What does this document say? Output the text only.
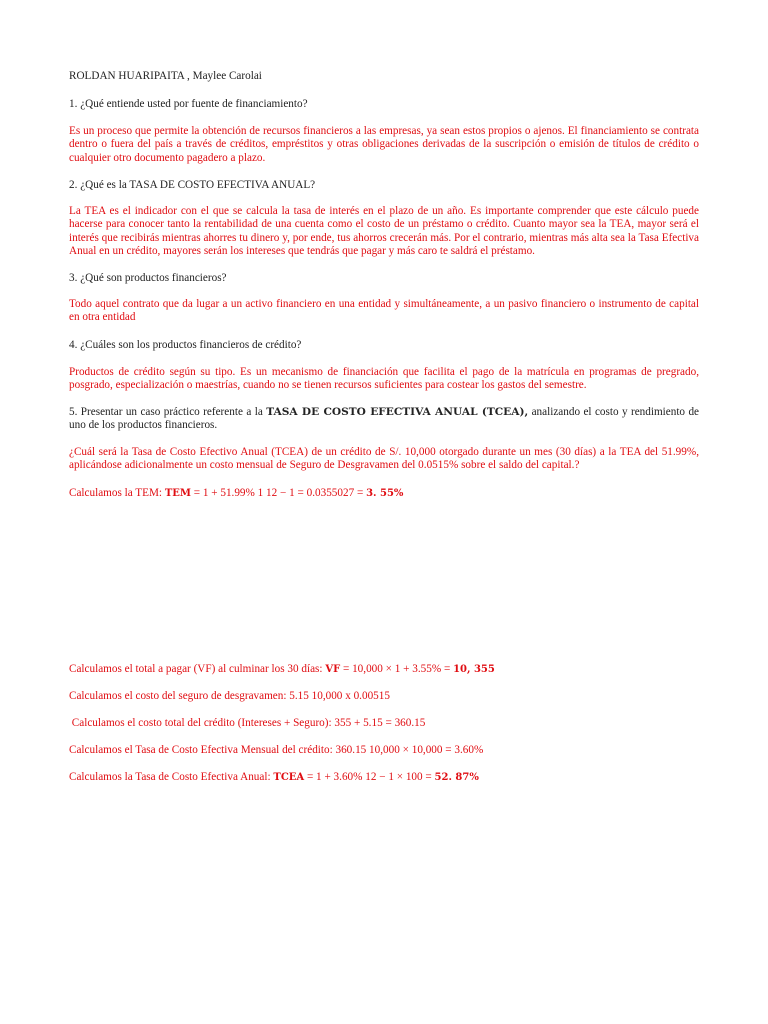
ROLDAN HUARIPAITA , Maylee Carolai
1. ¿Qué entiende usted por fuente de financiamiento?
Es un proceso que permite la obtención de recursos financieros a las empresas, ya sean estos propios o ajenos. El financiamiento se contrata dentro o fuera del país a través de créditos, empréstitos y otras obligaciones derivadas de la suscripción o emisión de títulos de crédito o cualquier otro documento pagadero a plazo.
2. ¿Qué es la TASA DE COSTO EFECTIVA ANUAL?
La TEA es el indicador con el que se calcula la tasa de interés en el plazo de un año. Es importante comprender que este cálculo puede hacerse para conocer tanto la rentabilidad de una cuenta como el costo de un préstamo o crédito. Cuanto mayor sea la TEA, mayor será el interés que recibirás mientras ahorres tu dinero y, por ende, tus ahorros crecerán más. Por el contrario, mientras más alta sea la Tasa Efectiva Anual en un crédito, mayores serán los intereses que tendrás que pagar y más caro te saldrá el préstamo.
3. ¿Qué son productos financieros?
Todo aquel contrato que da lugar a un activo financiero en una entidad y simultáneamente, a un pasivo financiero o instrumento de capital en otra entidad
4. ¿Cuáles son los productos financieros de crédito?
Productos de crédito según su tipo. Es un mecanismo de financiación que facilita el pago de la matrícula en programas de pregrado, posgrado, especialización o maestrías, cuando no se tienen recursos suficientes para costear los gastos del semestre.
5. Presentar un caso práctico referente a la TASA DE COSTO EFECTIVA ANUAL (TCEA), analizando el costo y rendimiento de uno de los productos financieros.
¿Cuál será la Tasa de Costo Efectivo Anual (TCEA) de un crédito de S/. 10,000 otorgado durante un mes (30 días) a la TEA del 51.99%, aplicándose adicionalmente un costo mensual de Seguro de Desgravamen del 0.0515% sobre el saldo del capital.?
Calculamos la TEM: TEM = 1 + 51.99% 1 12 − 1 = 0.0355027 = 3. 55%
Calculamos el total a pagar (VF) al culminar los 30 días: VF = 10,000 × 1 + 3.55% = 10, 355
Calculamos el costo del seguro de desgravamen: 5.15 10,000 x 0.00515
Calculamos el costo total del crédito (Intereses + Seguro): 355 + 5.15 = 360.15
Calculamos el Tasa de Costo Efectiva Mensual del crédito: 360.15 10,000 × 10,000 = 3.60%
Calculamos la Tasa de Costo Efectiva Anual: TCEA = 1 + 3.60% 12 − 1 × 100 = 52. 87%
